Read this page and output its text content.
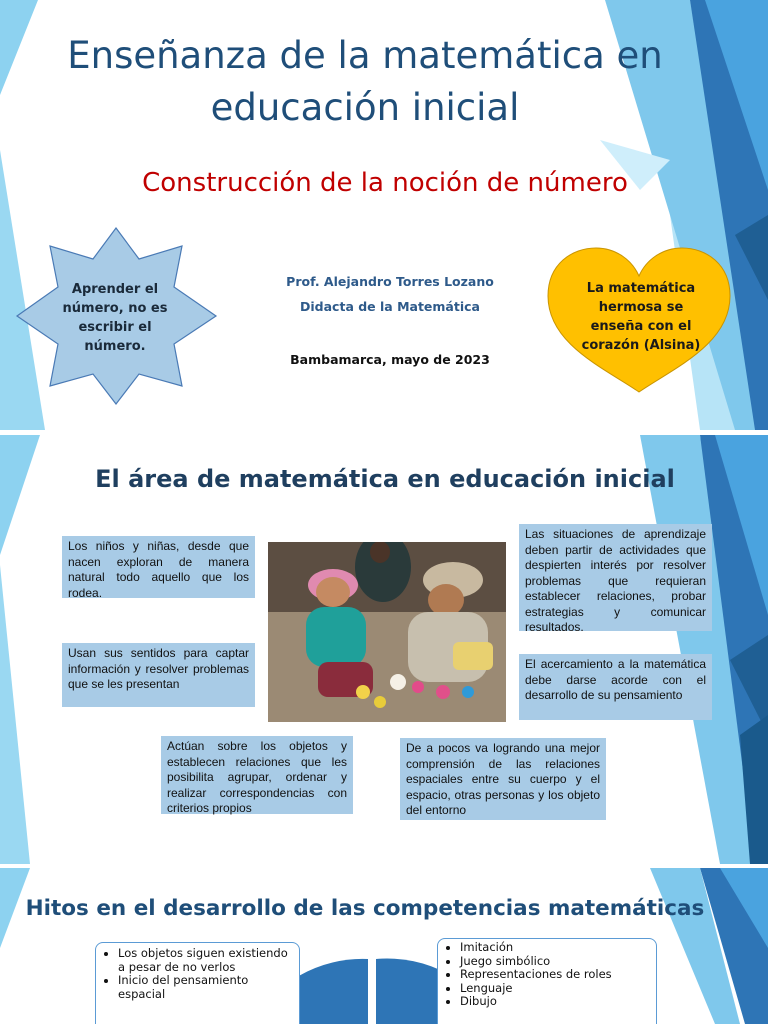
Enseñanza de la matemática en educación inicial
Construcción de la noción de número
Aprender el número, no es escribir el número.
La matemática hermosa se enseña con el corazón (Alsina)
Prof. Alejandro Torres Lozano
Didacta de la Matemática
Bambamarca, mayo de 2023
El área de matemática en educación inicial
Los niños y niñas, desde que nacen exploran de manera natural todo aquello que los rodea.
Usan sus sentidos para captar información y resolver problemas que se les presentan
Actúan sobre los objetos y establecen relaciones que les posibilita agrupar, ordenar y realizar correspondencias con criterios propios
Las situaciones de aprendizaje deben partir de actividades que despierten interés por resolver problemas que requieran establecer relaciones, probar estrategias y comunicar resultados.
El acercamiento a la matemática debe darse acorde con el desarrollo de su pensamiento
De a pocos va logrando una mejor comprensión de las relaciones espaciales entre su cuerpo y el espacio, otras personas y los objeto del entorno
Hitos en el desarrollo de las competencias matemáticas
• Los objetos siguen existiendo a pesar de no verlos
• Inicio del pensamiento espacial
• Imitación
• Juego simbólico
• Representaciones de roles
• Lenguaje
• Dibujo
